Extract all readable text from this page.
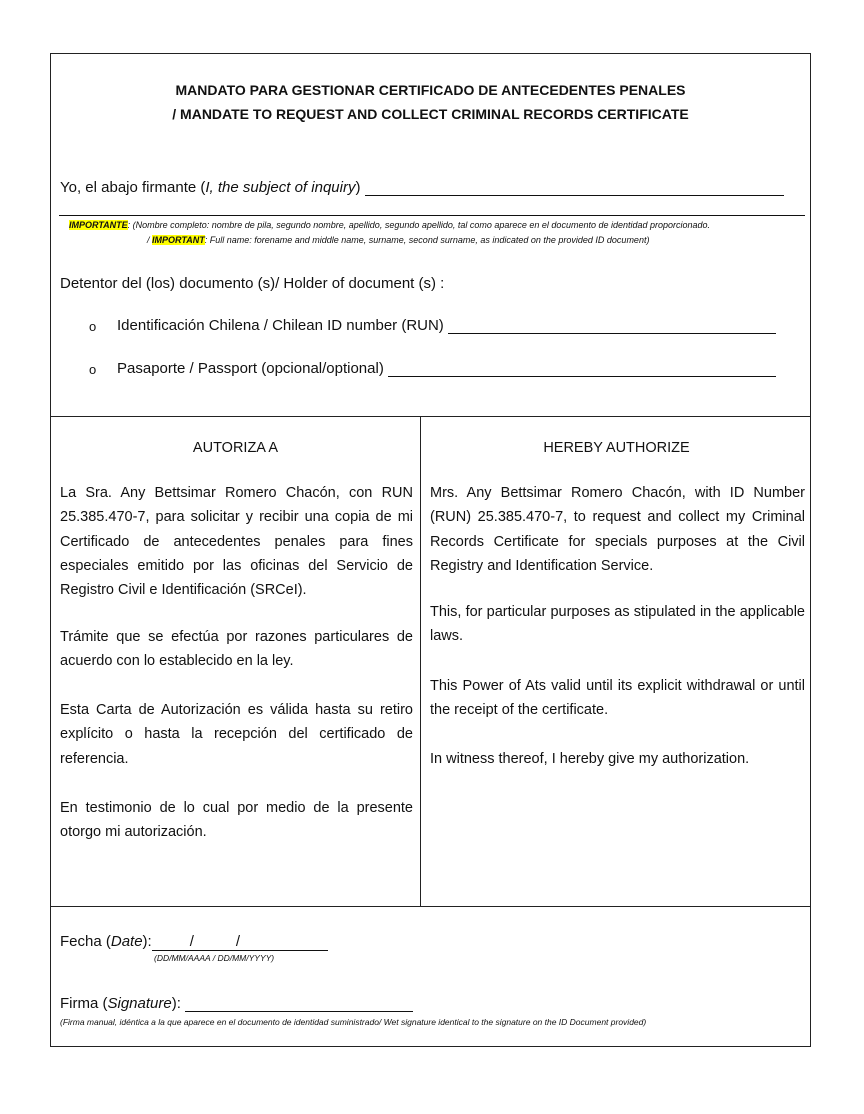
MANDATO PARA GESTIONAR CERTIFICADO DE ANTECEDENTES PENALES
/ MANDATE TO REQUEST AND COLLECT CRIMINAL RECORDS CERTIFICATE
Yo, el abajo firmante (I, the subject of inquiry)
IMPORTANTE: (Nombre completo: nombre de pila, segundo nombre, apellido, segundo apellido, tal como aparece en el documento de identidad proporcionado.
/ IMPORTANT: Full name: forename and middle name, surname, second surname, as indicated on the provided ID document)
Detentor del (los) documento (s)/ Holder of document (s) :
o Identificación Chilena / Chilean ID number (RUN)
o Pasaporte / Passport (opcional/optional)
AUTORIZA A	HEREBY AUTHORIZE
La Sra. Any Bettsimar Romero Chacón, con RUN 25.385.470-7, para solicitar y recibir una copia de mi Certificado de antecedentes penales para fines especiales emitido por las oficinas del Servicio de Registro Civil e Identificación (SRCeI).
Trámite que se efectúa por razones particulares de acuerdo con lo establecido en la ley.
Esta Carta de Autorización es válida hasta su retiro explícito o hasta la recepción del certificado de referencia.
En testimonio de lo cual por medio de la presente otorgo mi autorización.
Mrs. Any Bettsimar Romero Chacón, with ID Number (RUN) 25.385.470-7, to request and collect my Criminal Records Certificate for specials purposes at the Civil Registry and Identification Service.
This, for particular purposes as stipulated in the applicable laws.
This Power of Ats valid until its explicit withdrawal or until the receipt of the certificate.
In witness thereof, I hereby give my authorization.
Fecha (Date):	/	/
(DD/MM/AAAA / DD/MM/YYYY)
Firma (Signature):
(Firma manual, idéntica a la que aparece en el documento de identidad suministrado/ Wet signature identical to the signature on the ID Document provided)
